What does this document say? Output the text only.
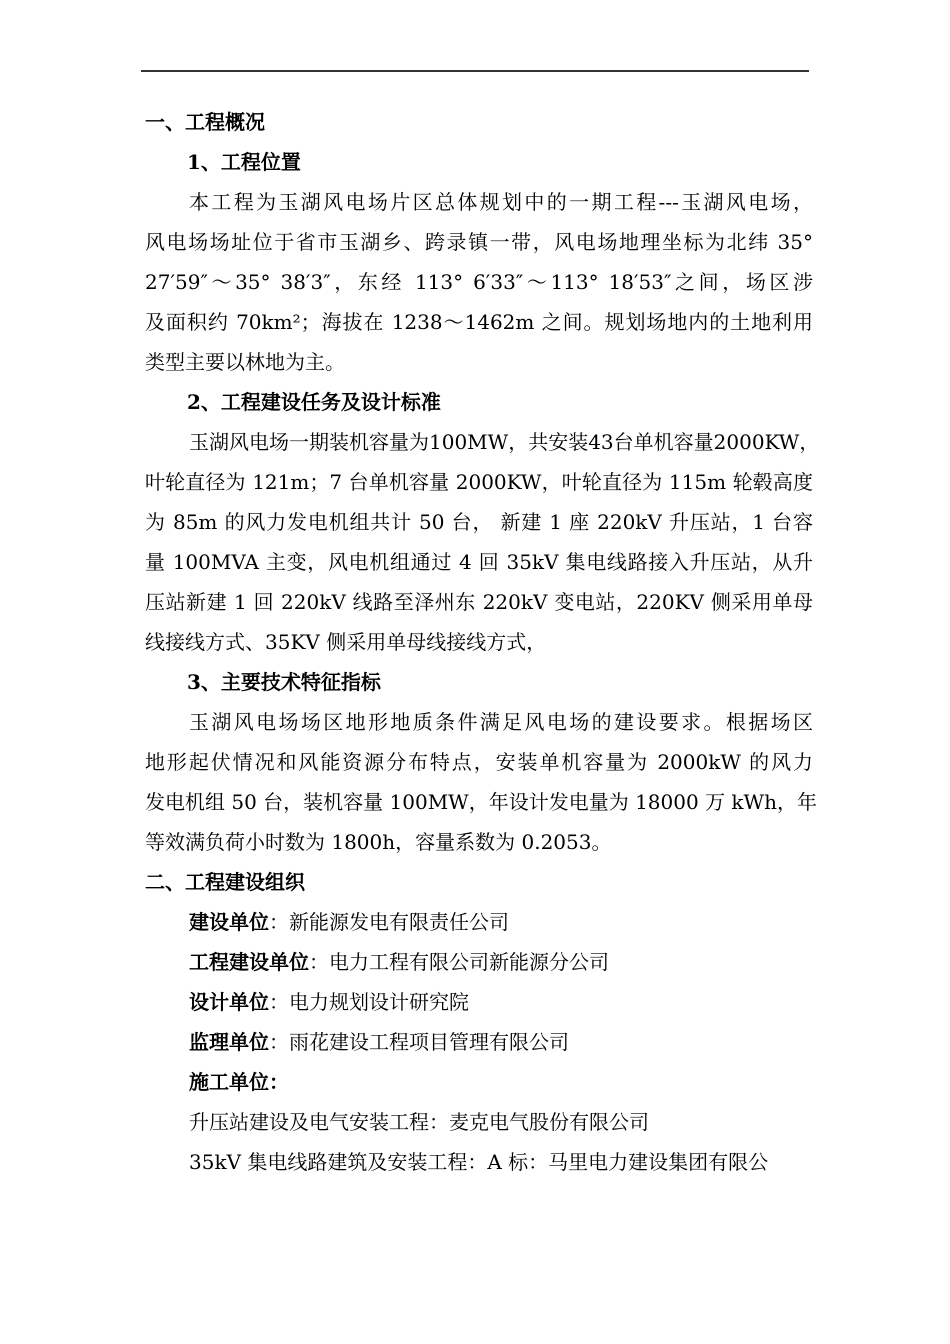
一、工程概况
1、工程位置
本工程为玉湖风电场片区总体规划中的一期工程---玉湖风电场，
风电场场址位于省市玉湖乡、跨录镇一带，风电场地理坐标为北纬 35°
27′59″～35° 38′3″，东经 113° 6′33″～113° 18′53″之间，场区涉
及面积约 70km²；海拔在 1238～1462m 之间。规划场地内的土地利用
类型主要以林地为主。
2、工程建设任务及设计标准
玉湖风电场一期装机容量为100MW，共安装43台单机容量2000KW，
叶轮直径为 121m；7 台单机容量 2000KW，叶轮直径为 115m 轮毂高度
为 85m 的风力发电机组共计 50 台， 新建 1 座 220kV 升压站，1 台容
量 100MVA 主变，风电机组通过 4 回 35kV 集电线路接入升压站，从升
压站新建 1 回 220kV 线路至泽州东 220kV 变电站，220KV 侧采用单母
线接线方式、35KV 侧采用单母线接线方式，
3、主要技术特征指标
玉湖风电场场区地形地质条件满足风电场的建设要求。根据场区
地形起伏情况和风能资源分布特点，安装单机容量为 2000kW 的风力
发电机组 50 台，装机容量 100MW，年设计发电量为 18000 万 kWh，年
等效满负荷小时数为 1800h，容量系数为 0.2053。
二、工程建设组织
建设单位：新能源发电有限责任公司
工程建设单位：电力工程有限公司新能源分公司
设计单位：电力规划设计研究院
监理单位：雨花建设工程项目管理有限公司
施工单位：
升压站建设及电气安装工程：麦克电气股份有限公司
35kV 集电线路建筑及安装工程：A 标：马里电力建设集团有限公
